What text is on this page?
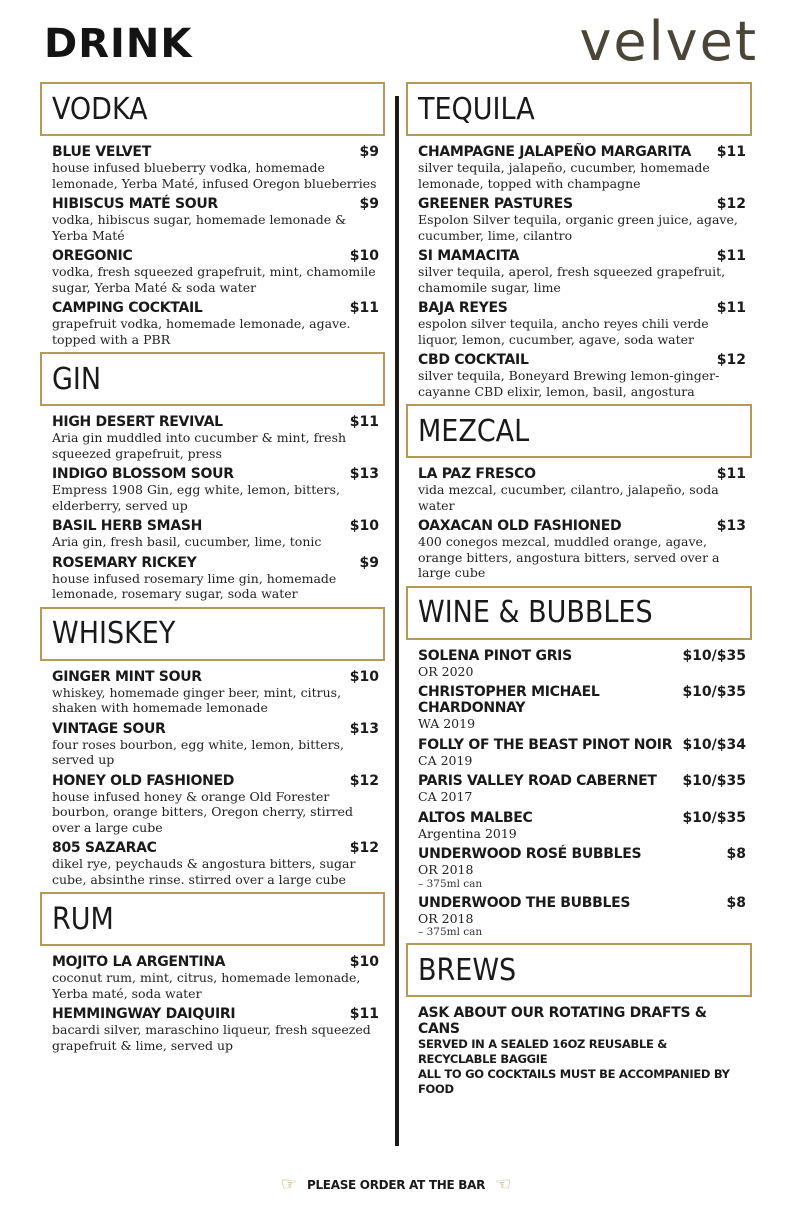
DRINK	velvet
VODKA
BLUE VELVET	$9
house infused blueberry vodka, homemade lemonade, Yerba Maté, infused Oregon blueberries
HIBISCUS MATÉ SOUR	$9
vodka, hibiscus sugar, homemade lemonade & Yerba Maté
OREGONIC	$10
vodka, fresh squeezed grapefruit, mint, chamomile sugar, Yerba Maté & soda water
CAMPING COCKTAIL	$11
grapefruit vodka, homemade lemonade, agave. topped with a PBR
GIN
HIGH DESERT REVIVAL	$11
Aria gin muddled into cucumber & mint, fresh squeezed grapefruit, press
INDIGO BLOSSOM SOUR	$13
Empress 1908 Gin, egg white, lemon, bitters, elderberry, served up
BASIL HERB SMASH	$10
Aria gin, fresh basil, cucumber, lime, tonic
ROSEMARY RICKEY	$9
house infused rosemary lime gin, homemade lemonade, rosemary sugar, soda water
WHISKEY
GINGER MINT SOUR	$10
whiskey, homemade ginger beer, mint, citrus, shaken with homemade lemonade
VINTAGE SOUR	$13
four roses bourbon, egg white, lemon, bitters, served up
HONEY OLD FASHIONED	$12
house infused honey & orange Old Forester bourbon, orange bitters, Oregon cherry, stirred over a large cube
805 SAZARAC	$12
dikel rye, peychauds & angostura bitters, sugar cube, absinthe rinse. stirred over a large cube
RUM
MOJITO LA ARGENTINA	$10
coconut rum, mint, citrus, homemade lemonade, Yerba maté, soda water
HEMMINGWAY DAIQUIRI	$11
bacardi silver, maraschino liqueur, fresh squeezed grapefruit & lime, served up
TEQUILA
CHAMPAGNE JALAPEÑO MARGARITA $11
silver tequila, jalapeño, cucumber, homemade lemonade, topped with champagne
GREENER PASTURES	$12
Espolon Silver tequila, organic green juice, agave, cucumber, lime, cilantro
SI MAMACITA	$11
silver tequila, aperol, fresh squeezed grapefruit, chamomile sugar, lime
BAJA REYES	$11
espolon silver tequila, ancho reyes chili verde liquor, lemon, cucumber, agave, soda water
CBD COCKTAIL	$12
silver tequila, Boneyard Brewing lemon-ginger-cayanne CBD elixir, lemon, basil, angostura
MEZCAL
LA PAZ FRESCO	$11
vida mezcal, cucumber, cilantro, jalapeño, soda water
OAXACAN OLD FASHIONED	$13
400 conegos mezcal, muddled orange, agave, orange bitters, angostura bitters, served over a large cube
WINE & BUBBLES
SOLENA PINOT GRIS	$10/$35
OR 2020
CHRISTOPHER MICHAEL CHARDONNAY
$10/$35
WA 2019
FOLLY OF THE BEAST PINOT NOIR $10/$34
CA 2019
PARIS VALLEY ROAD CABERNET $10/$35
CA 2017
ALTOS MALBEC	$10/$35
Argentina 2019
UNDERWOOD ROSÉ BUBBLES	$8
OR 2018
– 375ml can
UNDERWOOD THE BUBBLES	$8
OR 2018
– 375ml can
BREWS
ASK ABOUT OUR ROTATING DRAFTS & CANS
SERVED IN A SEALED 16OZ REUSABLE & RECYCLABLE BAGGIE
ALL TO GO COCKTAILS MUST BE ACCOMPANIED BY FOOD
☞ PLEASE ORDER AT THE BAR ☜
